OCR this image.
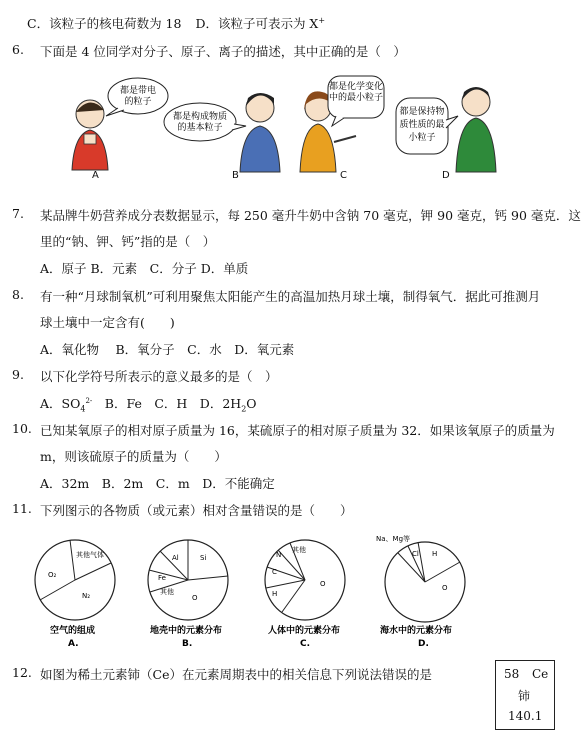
C．该粒子的核电荷数为 18 D．该粒子可表示为 X+
6. 下面是 4 位同学对分子、原子、离子的描述，其中正确的是（　）
都是带电
的粒子
都是构成物质
的基本粒子
都是化学变化
中的最小粒子
都是保持物
质性质的最
小粒子
A	B	C	D
7. 某品牌牛奶营养成分表数据显示，每 250 毫升牛奶中含钠 70 毫克，钾 90 毫克，钙 90 毫克．这
里的“钠、钾、钙”指的是（　）
A．原子 B．元素　C．分子 D．单质
8. 有一种“月球制氧机”可利用聚焦太阳能产生的高温加热月球土壤，制得氧气．据此可推测月
球土壤中一定含有(　　)
A．氧化物　 B．氧分子　C．水　D．氧元素
9. 以下化学符号所表示的意义最多的是（　）
A．$SO_4^{2-}$　B．Fe　C．H　D．$2H_2O$
10. 已知某氧原子的相对原子质量为 16，某硫原子的相对原子质量为 32．如果该氧原子的质量为
m，则该硫原子的质量为（　　）
A．32m　B．2m　C．m　D．不能确定
11. 下列图示的各物质（或元素）相对含量错误的是（　　）
其他气体
O₂
N₂
空气的组成
A.
Al	Si
Fe
其他
O
地壳中的元素分布
B.
N
其他
C
H
O
人体中的元素分布
C.
Na、Mg等
Cl H
O
海水中的元素分布
D.
12. 如图为稀土元素铈（Ce）在元素周期表中的相关信息下列说法错误的是	58 Ce
铈
140.1
